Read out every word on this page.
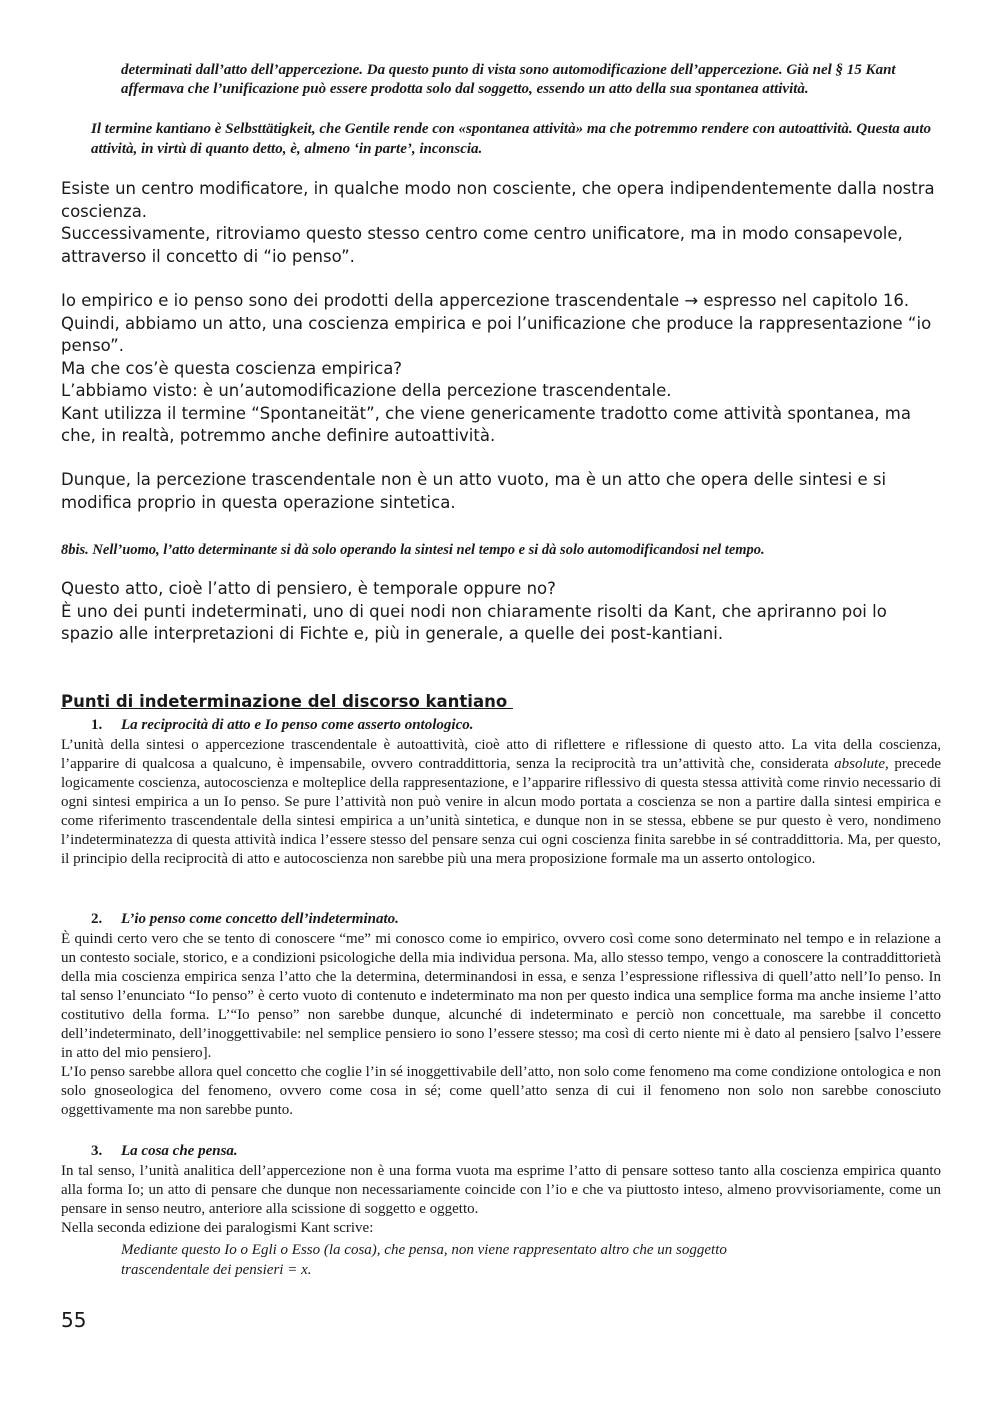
determinati dall’atto dell’appercezione. Da questo punto di vista sono automodificazione dell’appercezione. Già nel § 15 Kant affermava che l’unificazione può essere prodotta solo dal soggetto, essendo un atto della sua spontanea attività.
Il termine kantiano è Selbsttätigkeit, che Gentile rende con «spontanea attività» ma che potremmo rendere con autoattività. Questa auto attività, in virtù di quanto detto, è, almeno ‘in parte’, inconscia.

Esiste un centro modificatore, in qualche modo non cosciente, che opera indipendentemente dalla nostra coscienza.

Successivamente, ritroviamo questo stesso centro come centro unificatore, ma in modo consapevole, attraverso il concetto di “io penso”.

Io empirico e io penso sono dei prodotti della appercezione trascendentale → espresso nel capitolo 16.

Quindi, abbiamo un atto, una coscienza empirica e poi l’unificazione che produce la rappresentazione “io penso”.

Ma che cos’è questa coscienza empirica?

L’abbiamo visto: è un’automodificazione della percezione trascendentale.

Kant utilizza il termine “Spontaneität”, che viene genericamente tradotto come attività spontanea, ma che, in realtà, potremmo anche definire autoattività.

Dunque, la percezione trascendentale non è un atto vuoto, ma è un atto che opera delle sintesi e si modifica proprio in questa operazione sintetica.

8bis. Nell’uomo, l’atto determinante si dà solo operando la sintesi nel tempo e si dà solo automodificandosi nel tempo.

Questo atto, cioè l’atto di pensiero, è temporale oppure no?

È uno dei punti indeterminati, uno di quei nodi non chiaramente risolti da Kant, che apriranno poi lo spazio alle interpretazioni di Fichte e, più in generale, a quelle dei post-kantiani.

Punti di indeterminazione del discorso kantiano
1. La reciprocità di atto e Io penso come asserto ontologico.

L’unità della sintesi o appercezione trascendentale è autoattività, cioè atto di riflettere e riflessione di questo atto. La vita della coscienza, l’apparire di qualcosa a qualcuno, è impensabile, ovvero contraddittoria, senza la reciprocità tra un’attività che, considerata absolute, precede logicamente coscienza, autocoscienza e molteplice della rappresentazione, e l’apparire riflessivo di questa stessa attività come rinvio necessario di ogni sintesi empirica a un Io penso. Se pure l’attività non può venire in alcun modo portata a coscienza se non a partire dalla sintesi empirica e come riferimento trascendentale della sintesi empirica a un’unità sintetica, e dunque non in se stessa, ebbene se pur questo è vero, nondimeno l’indeterminatezza di questa attività indica l’essere stesso del pensare senza cui ogni coscienza finita sarebbe in sé contraddittoria. Ma, per questo, il principio della reciprocità di atto e autocoscienza non sarebbe più una mera proposizione formale ma un asserto ontologico.

2. L’io penso come concetto dell’indeterminato.

È quindi certo vero che se tento di conoscere “me” mi conosco come io empirico, ovvero così come sono determinato nel tempo e in relazione a un contesto sociale, storico, e a condizioni psicologiche della mia individua persona. Ma, allo stesso tempo, vengo a conoscere la contraddittorietà della mia coscienza empirica senza l’atto che la determina, determinandosi in essa, e senza l’espressione riflessiva di quell’atto nell’Io penso. In tal senso l’enunciato “Io penso” è certo vuoto di contenuto e indeterminato ma non per questo indica una semplice forma ma anche insieme l’atto costitutivo della forma. L’“Io penso” non sarebbe dunque, alcunché di indeterminato e perciò non concettuale, ma sarebbe il concetto dell’indeterminato, dell’inoggettivabile: nel semplice pensiero io sono l’essere stesso; ma così di certo niente mi è dato al pensiero [salvo l’essere in atto del mio pensiero].

L’Io penso sarebbe allora quel concetto che coglie l’in sé inoggettivabile dell’atto, non solo come fenomeno ma come condizione ontologica e non solo gnoseologica del fenomeno, ovvero come cosa in sé; come quell’atto senza di cui il fenomeno non solo non sarebbe conosciuto oggettivamente ma non sarebbe punto.

3. La cosa che pensa.

In tal senso, l’unità analitica dell’appercezione non è una forma vuota ma esprime l’atto di pensare sotteso tanto alla coscienza empirica quanto alla forma Io; un atto di pensare che dunque non necessariamente coincide con l’io e che va piuttosto inteso, almeno provvisoriamente, come un pensare in senso neutro, anteriore alla scissione di soggetto e oggetto.

Nella seconda edizione dei paralogismi Kant scrive:

Mediante questo Io o Egli o Esso (la cosa), che pensa, non viene rappresentato altro che un soggetto
trascendentale dei pensieri = x.
55
